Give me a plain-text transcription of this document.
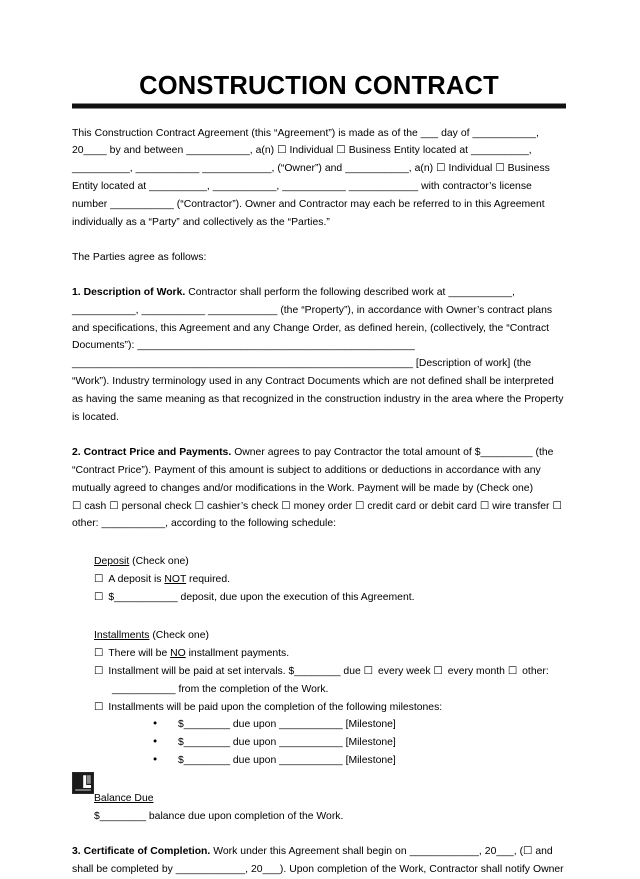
CONSTRUCTION CONTRACT
This Construction Contract Agreement (this “Agreement”) is made as of the ___ day of ___________, 20____ by and between ___________, a(n) ☐ Individual ☐ Business Entity located at __________, __________, ___________ ____________, (“Owner”) and ___________, a(n) ☐ Individual ☐ Business Entity located at __________, ___________, ___________ ____________ with contractor’s license number ___________ (“Contractor”). Owner and Contractor may each be referred to in this Agreement individually as a “Party” and collectively as the “Parties.”
The Parties agree as follows:
1. Description of Work. Contractor shall perform the following described work at ___________, ___________, ___________ ____________ (the “Property”), in accordance with Owner’s contract plans and specifications, this Agreement and any Change Order, as defined herein, (collectively, the “Contract Documents”): ________________________________________________ ___________________________________________________________ [Description of work] (the “Work”). Industry terminology used in any Contract Documents which are not defined shall be interpreted as having the same meaning as that recognized in the construction industry in the area where the Property is located.
2. Contract Price and Payments. Owner agrees to pay Contractor the total amount of $_________ (the “Contract Price”). Payment of this amount is subject to additions or deductions in accordance with any mutually agreed to changes and/or modifications in the Work. Payment will be made by (Check one)
☐ cash ☐ personal check ☐ cashier’s check ☐ money order ☐ credit card or debit card ☐ wire transfer ☐ other: ___________, according to the following schedule:
Deposit (Check one)
☐ A deposit is NOT required.
☐ $___________ deposit, due upon the execution of this Agreement.
Installments (Check one)
☐ There will be NO installment payments.
☐ Installment will be paid at set intervals. $________ due ☐ every week ☐ every month ☐ other:
___________ from the completion of the Work.
☐ Installments will be paid upon the completion of the following milestones:
• $________ due upon ___________ [Milestone]
• $________ due upon ___________ [Milestone]
• $________ due upon ___________ [Milestone]
Balance Due
$________ balance due upon completion of the Work.
3. Certificate of Completion. Work under this Agreement shall begin on ____________, 20___, (☐ and shall be completed by ____________, 20___). Upon completion of the Work, Contractor shall notify Owner
